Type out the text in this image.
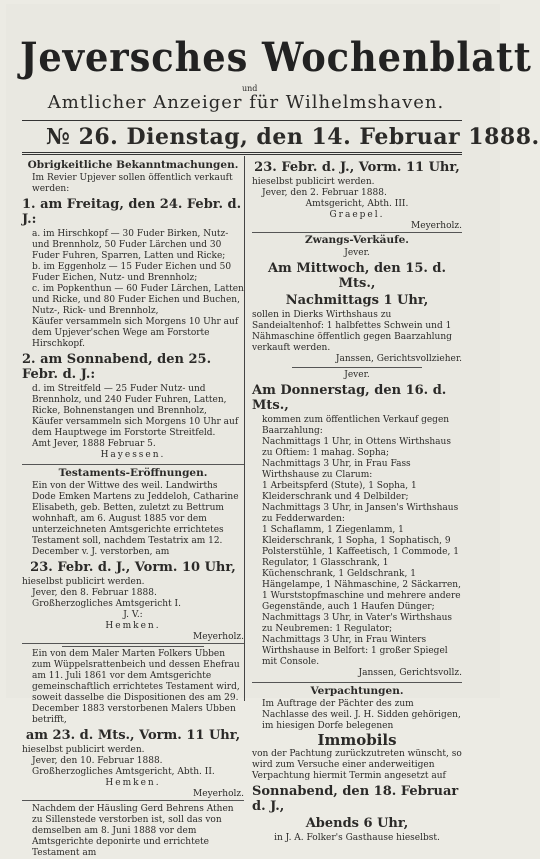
Jeversches Wochenblatt
und
Amtlicher Anzeiger für Wilhelmshaven.
№ 26. Dienstag, den 14. Februar 1888.
Obrigkeitliche Bekanntmachungen.
Im Revier Upjever sollen öffentlich verkauft werden:
1. am Freitag, den 24. Febr. d. J.:
a. im Hirschkopf — 30 Fuder Birken, Nutz- und Brennholz, 50 Fuder Lärchen und 30 Fuder Fuhren, Sparren, Latten und Ricke;
b. im Eggenholz — 15 Fuder Eichen und 50 Fuder Eichen, Nutz- und Brennholz;
c. im Popkenthun — 60 Fuder Lärchen, Latten und Ricke, und 80 Fuder Eichen und Buchen, Nutz-, Rick- und Brennholz,
Käufer versammeln sich Morgens 10 Uhr auf dem Upjever'schen Wege am Forstorte Hirschkopf.
2. am Sonnabend, den 25. Febr. d. J.:
d. im Streitfeld — 25 Fuder Nutz- und Brennholz, und 240 Fuder Fuhren, Latten, Ricke, Bohnenstangen und Brennholz,
Käufer versammeln sich Morgens 10 Uhr auf dem Hauptwege im Forstorte Streitfeld.
Amt Jever, 1888 Februar 5.
Hayessen.
Testaments-Eröffnungen.
Ein von der Wittwe des weil. Landwirths Dode Emken Martens zu Jeddeloh, Catharine Elisabeth, geb. Betten, zuletzt zu Bettrum wohnhaft, am 6. August 1885 vor dem unterzeichneten Amtsgerichte errichtetes Testament soll, nachdem Testatrix am 12. December v. J. verstorben, am
23. Febr. d. J., Vorm. 10 Uhr,
hieselbst publicirt werden.
Jever, den 8. Februar 1888.
Großherzogliches Amtsgericht I.
J. V.:
Hemken.
Meyerholz.
Ein von dem Maler Marten Folkers Ubben zum Wüppelsrattenbeich und dessen Ehefrau am 11. Juli 1861 vor dem Amtsgerichte gemeinschaftlich errichtetes Testament wird, soweit dasselbe die Dispositionen des am 29. December 1883 verstorbenen Malers Ubben betrifft,
am 23. d. Mts., Vorm. 11 Uhr,
hieselbst publicirt werden.
Jever, den 10. Februar 1888.
Großherzogliches Amtsgericht, Abth. II.
Hemken.
Meyerholz.
Nachdem der Häusling Gerd Behrens Athen zu Sillenstede verstorben ist, soll das von demselben am 8. Juni 1888 vor dem Amtsgerichte deponirte und errichtete Testament am
23. Febr. d. J., Vorm. 11 Uhr,
hieselbst publicirt werden.
Jever, den 2. Februar 1888.
Amtsgericht, Abth. III.
Graepel.
Meyerholz.
Zwangs-Verkäufe.
Jever.
Am Mittwoch, den 15. d. Mts.,
Nachmittags 1 Uhr,
sollen in Dierks Wirthshaus zu Sandeialtenhof: 1 halbfettes Schwein und 1 Nähmaschine öffentlich gegen Baarzahlung verkauft werden.
Janssen, Gerichtsvollzieher.
Jever.
Am Donnerstag, den 16. d. Mts.,
kommen zum öffentlichen Verkauf gegen Baarzahlung:
Nachmittags 1 Uhr, in Ottens Wirthshaus zu Oftiem: 1 mahag. Sopha;
Nachmittags 3 Uhr, in Frau Fass Wirthshause zu Clarum:
1 Arbeitspferd (Stute), 1 Sopha, 1 Kleiderschrank und 4 Delbilder;
Nachmittags 3 Uhr, in Jansen's Wirthshaus zu Fedderwarden:
1 Schaflamm, 1 Ziegenlamm, 1 Kleiderschrank, 1 Sopha, 1 Sophatisch, 9 Polsterstühle, 1 Kaffeetisch, 1 Commode, 1 Regulator, 1 Glasschrank, 1 Küchenschrank, 1 Geldschrank, 1 Hängelampe, 1 Nähmaschine, 2 Säckarren, 1 Wurststopfmaschine und mehrere andere Gegenstände, auch 1 Haufen Dünger;
Nachmittags 3 Uhr, in Vater's Wirthshaus zu Neubremen: 1 Regulator;
Nachmittags 3 Uhr, in Frau Winters Wirthshause in Belfort: 1 großer Spiegel mit Console.
Janssen, Gerichtsvollz.
Verpachtungen.
Im Auftrage der Pächter des zum Nachlasse des weil. J. H. Sidden gehörigen, im hiesigen Dorfe belegenen
Immobils
von der Pachtung zurückzutreten wünscht, so wird zum Versuche einer anderweitigen Verpachtung hiermit Termin angesetzt auf
Sonnabend, den 18. Februar d. J.,
Abends 6 Uhr,
in J. A. Folker's Gasthause hieselbst.
